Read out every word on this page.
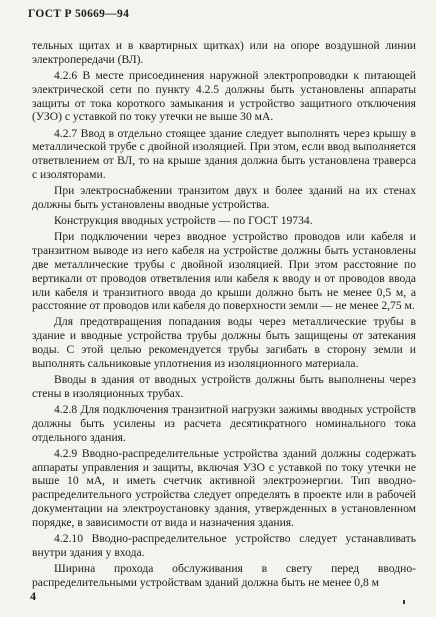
ГОСТ Р 50669—94

тельных щитах и в квартирных щитках) или на опоре воздушной линии электропередачи (ВЛ).

4.2.6 В месте присоединения наружной электропроводки к питающей электрической сети по пункту 4.2.5 должны быть установлены аппараты защиты от тока короткого замыкания и устройство защитного отключения (УЗО) с уставкой по току утечки не выше 30 мА.

4.2.7 Ввод в отдельно стоящее здание следует выполнять через крышу в металлической трубе с двойной изоляцией. При этом, если ввод выполняется ответвлением от ВЛ, то на крыше здания должна быть установлена траверса с изоляторами.

При электроснабжении транзитом двух и более зданий на их стенах должны быть установлены вводные устройства.

Конструкция вводных устройств — по ГОСТ 19734.

При подключении через вводное устройство проводов или кабеля и транзитном выводе из него кабеля на устройстве должны быть установлены две металлические трубы с двойной изоляцией. При этом расстояние по вертикали от проводов ответвления или кабеля к вводу и от проводов ввода или кабеля и транзитного ввода до крыши должно быть не менее 0,5 м, а расстояние от проводов или кабеля до поверхности земли — не менее 2,75 м.

Для предотвращения попадания воды через металлические трубы в здание и вводные устройства трубы должны быть защищены от затекания воды. С этой целью рекомендуется трубы загибать в сторону земли и выполнять сальниковые уплотнения из изоляционного материала.

Вводы в здания от вводных устройств должны быть выполнены через стены в изоляционных трубах.

4.2.8 Для подключения транзитной нагрузки зажимы вводных устройств должны быть усилены из расчета десятикратного номинального тока отдельного здания.

4.2.9 Вводно-распределительные устройства зданий должны содержать аппараты управления и защиты, включая УЗО с уставкой по току утечки не выше 10 мА, и иметь счетчик активной электроэнергии. Тип вводно-распределительного устройства следует определять в проекте или в рабочей документации на электроустановку здания, утвержденных в установленном порядке, в зависимости от вида и назначения здания.

4.2.10 Вводно-распределительное устройство следует устанавливать внутри здания у входа.

Ширина прохода обслуживания в свету перед вводно-распределительными устройствам зданий должна быть не менее 0,8 м

4
